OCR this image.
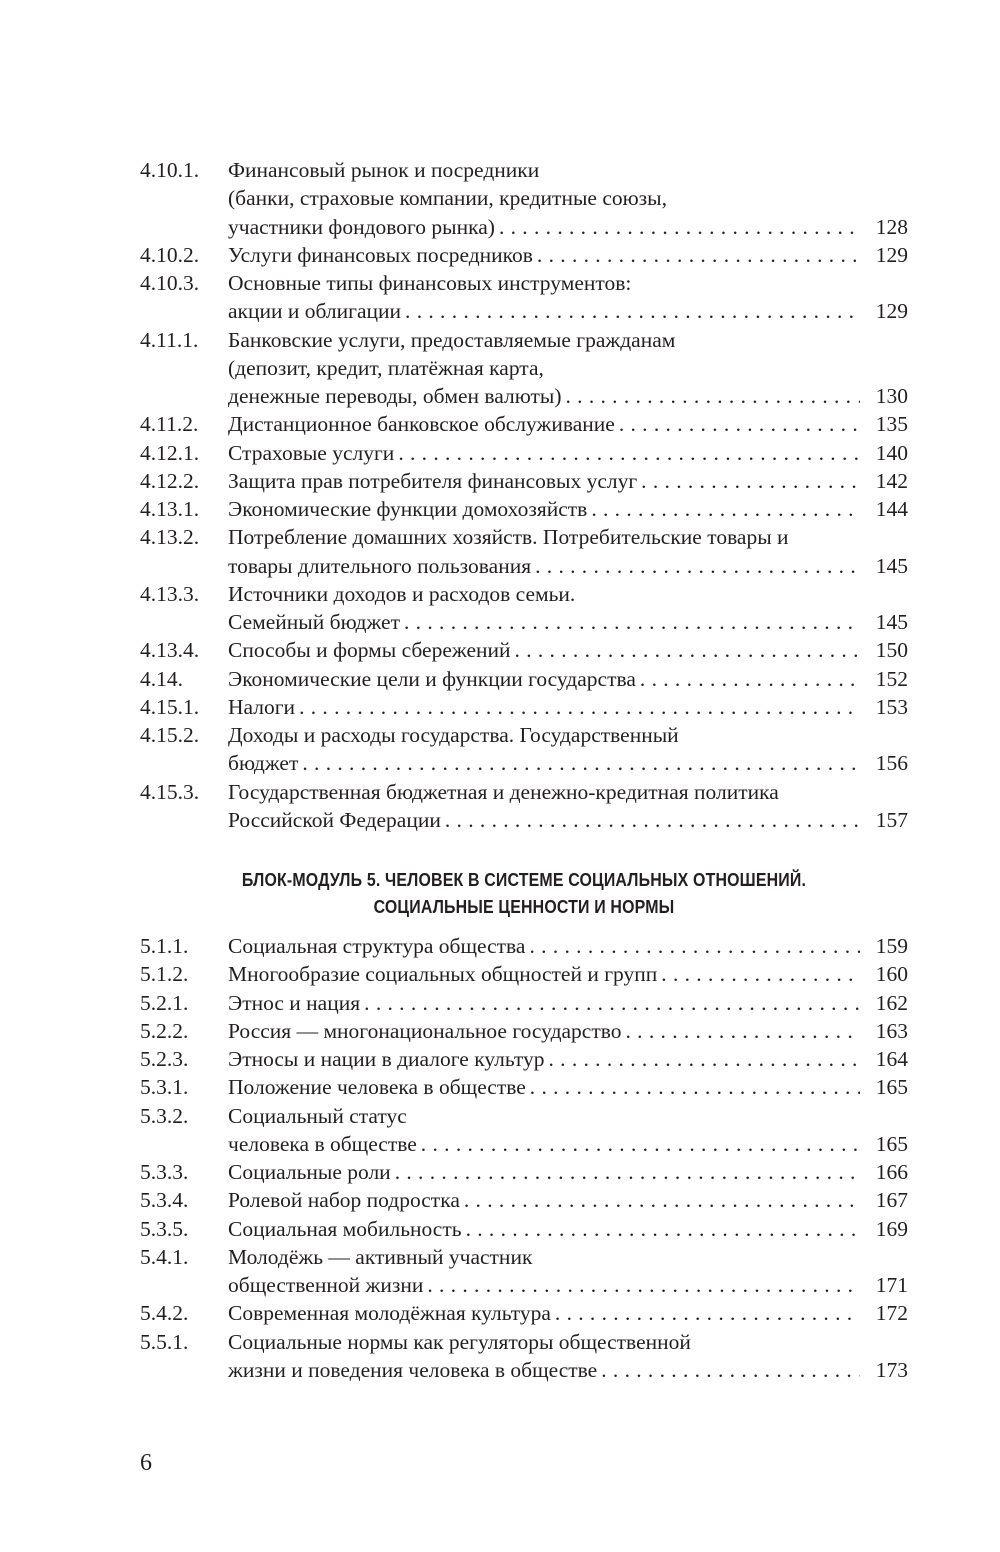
4.10.1.	Финансовый рынок и посредники
(банки, страховые компании, кредитные союзы,
участники фондового рынка) .....	128
4.10.2.	Услуги финансовых посредников .....	129
4.10.3.	Основные типы финансовых инструментов:
акции и облигации .....	129
4.11.1.	Банковские услуги, предоставляемые гражданам
(депозит, кредит, платёжная карта,
денежные переводы, обмен валюты) .....	130
4.11.2.	Дистанционное банковское обслуживание .....	135
4.12.1.	Страховые услуги .....	140
4.12.2.	Защита прав потребителя финансовых услуг .....	142
4.13.1.	Экономические функции домохозяйств .....	144
4.13.2.	Потребление домашних хозяйств. Потребительские товары и
товары длительного пользования .....	145
4.13.3.	Источники доходов и расходов семьи.
Семейный бюджет .....	145
4.13.4.	Способы и формы сбережений .....	150
4.14.	Экономические цели и функции государства .....	152
4.15.1.	Налоги .....	153
4.15.2.	Доходы и расходы государства. Государственный
бюджет .....	156
4.15.3.	Государственная бюджетная и денежно-кредитная политика
Российской Федерации .....	157
БЛОК-МОДУЛЬ 5. ЧЕЛОВЕК В СИСТЕМЕ СОЦИАЛЬНЫХ ОТНОШЕНИЙ.
СОЦИАЛЬНЫЕ ЦЕННОСТИ И НОРМЫ
5.1.1.	Социальная структура общества .....	159
5.1.2.	Многообразие социальных общностей и групп .....	160
5.2.1.	Этнос и нация .....	162
5.2.2.	Россия — многонациональное государство .....	163
5.2.3.	Этносы и нации в диалоге культур .....	164
5.3.1.	Положение человека в обществе .....	165
5.3.2.	Социальный статус
человека в обществе .....	165
5.3.3.	Социальные роли .....	166
5.3.4.	Ролевой набор подростка .....	167
5.3.5.	Социальная мобильность .....	169
5.4.1.	Молодёжь — активный участник
общественной жизни .....	171
5.4.2.	Современная молодёжная культура .....	172
5.5.1.	Социальные нормы как регуляторы общественной
жизни и поведения человека в обществе .....	173
6
